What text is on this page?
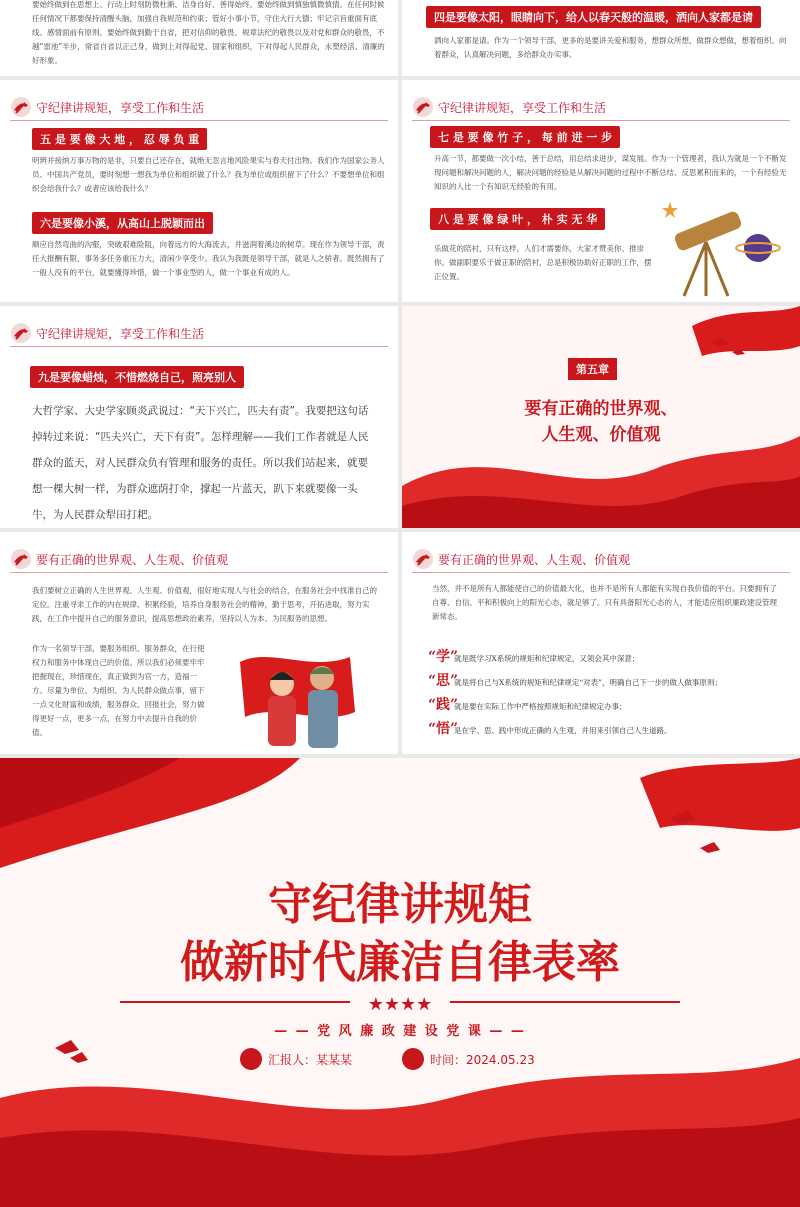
要始终做到在思想上、行动上时刻防微杜渐、洁身自好、善得始终。要始终做到慎独慎微慎情。在任何时候任何情况下都要保持清醒头脑，加强自我规范和约束；管好小事小节，守住大行大德；牢记宗旨重面有底线、感情面前有原则。要始终做到勤于自省，把对信仰的敬畏、规章法纪的敬畏以及对党和群众的敬畏，不越“雷池”半步，常省自省以正己身，做到上对得起党、国家和组织，下对得起人民群众，永塑经活、清廉的好形象。
四是要像太阳，眼睛向下，给人以春天般的温暖，洒向人家都是请
洒向人家都是请。作为一个领导干部，更多的是要讲关爱和服务，想群众所想，做群众想做，想着组织、向着群众，认真解决问题，多给群众办实事。
守纪律讲规矩，享受工作和生活
五 是 要 像 大 地 ， 忍 辱 负 重
明辨并接纳万事万物的是非，只要自己还存在，就绝无忽言地风险果实与春天付出物。我们作为国家公务人员、中国共产党员，要时刻想一想我为单位和组织做了什么？我为单位或组织留下了什么？不要想单位和组织会给我什么？或者应该给我什么？
六是要像小溪，从高山上脱颖而出
顺应自然弯曲的沟壑，突破艰难险阻，向着远方的大海流去，并滋润着溪边的树草。现在作为领导干部，责任大报酬有限，事务多任务重压力大，清闲少享受少。我认为我既是领导干部，就是人之骄者。既然拥有了一般人没有的平台，就要懂得珍惜，做一个事业型的人，做一个事业有成的人。
守纪律讲规矩，享受工作和生活
七 是 要 像 竹 子 ， 每 前 进 一 步
升高一节，都要做一次小结，善于总结，用总结求进步，谋发展。作为一个管理者，我认为就是一个不断发现问题和解决问题的人，解决问题的经验是从解决问题的过程中不断总结、反思累积而来的，一个有经验无知识的人比一个有知识无经验的有用。
八 是 要 像 绿 叶 ， 朴 实 无 华
乐做花的陪衬，只有这样，人们才需要你，大家才赞美你、推崇你。做副职要乐于做正职的陪衬，总是积极协助好正职的工作，摆正位置。
守纪律讲规矩，享受工作和生活
九是要像蜡烛，不惜燃烧自己，照亮别人
大哲学家、大史学家顾炎武说过：“天下兴亡，匹夫有责”。我要把这句话掉转过来说：“匹夫兴亡，天下有责”。怎样理解——我们工作者就是人民群众的蓝天，对人民群众负有管理和服务的责任。所以我们站起来，就要想一棵大树一样，为群众遮荫打伞，撑起一片蓝天，趴下来就要像一头牛，为人民群众犁田打耙。
第五章
要有正确的世界观、
人生观、价值观
要有正确的世界观、人生观、价值观
我们要树立正确的人生世界观、人生观、价值观，很好地实现人与社会的结合，在服务社会中找准自己的定位。注重寻求工作的内在规律、积累经验，培养自身服务社会的精神，勤于思考，开拓进取，努力实践，在工作中提升自己的服务意识，提高思想政治素养，坚持以人为本、为民服务的思想。
作为一名领导干部，要服务组织、服务群众，在行使权力和服务中体现自己的价值。所以我们必须要牢牢把握现在，珍惜现在，真正做到为官一方，造福一方。尽量为单位、为组织、为人民群众做点事，留下一点文化财富和成绩，服务群众、回报社会，努力做得更好一点，更多一点，在努力中去提升自我的价值。
要有正确的世界观、人生观、价值观
当然，并不是所有人都能使自己的价值最大化，也并不是所有人都能有实现自我价值的平台。只要拥有了自尊、自信、平和积极向上的阳光心态，就足够了。只有具备阳光心态的人，才能适应组织廉政建设管理新常态。
“学”
就是既学习X系统的规矩和纪律规定，又领会其中深意；
“思”
就是将自己与X系统的规矩和纪律规定“对表”，明确自己下一步的做人做事原则；
“践”
就是要在实际工作中严格按照规矩和纪律规定办事；
“悟”
是在学、思、践中形成正确的人生观，并用来引领自己人生道路。
★★★★
守纪律讲规矩
做新时代廉洁自律表率
— — 党 风 廉 政 建 设 党 课 — —
汇报人：某某某	时间：2024.05.23
